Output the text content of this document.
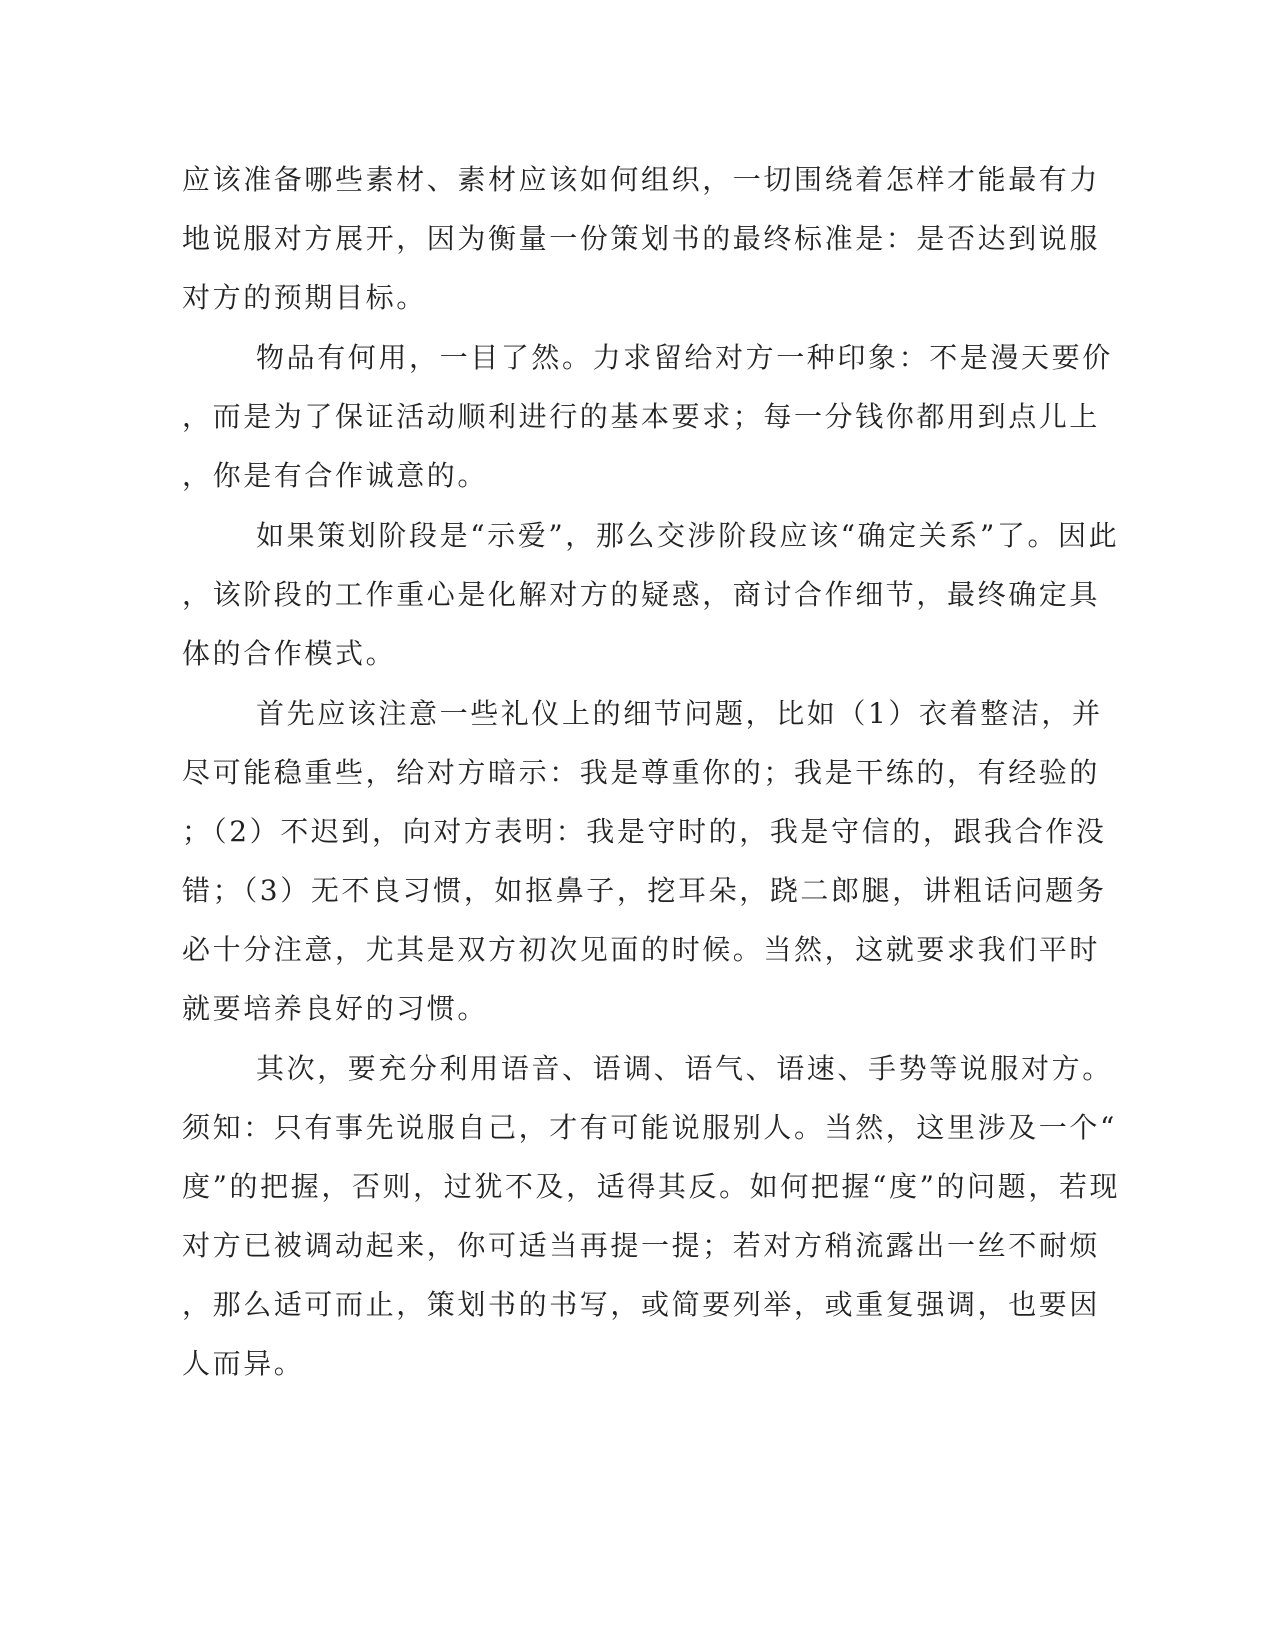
应该准备哪些素材、素材应该如何组织，一切围绕着怎样才能最有力
地说服对方展开，因为衡量一份策划书的最终标准是：是否达到说服
对方的预期目标。
物品有何用，一目了然。力求留给对方一种印象：不是漫天要价
，而是为了保证活动顺利进行的基本要求；每一分钱你都用到点儿上
，你是有合作诚意的。
如果策划阶段是“示爱”，那么交涉阶段应该“确定关系”了。因此
，该阶段的工作重心是化解对方的疑惑，商讨合作细节，最终确定具
体的合作模式。
首先应该注意一些礼仪上的细节问题，比如（1）衣着整洁，并
尽可能稳重些，给对方暗示：我是尊重你的；我是干练的，有经验的
；（2）不迟到，向对方表明：我是守时的，我是守信的，跟我合作没
错；（3）无不良习惯，如抠鼻子，挖耳朵，跷二郎腿，讲粗话问题务
必十分注意，尤其是双方初次见面的时候。当然，这就要求我们平时
就要培养良好的习惯。
其次，要充分利用语音、语调、语气、语速、手势等说服对方。
须知：只有事先说服自己，才有可能说服别人。当然，这里涉及一个“
度”的把握，否则，过犹不及，适得其反。如何把握“度”的问题，若现
对方已被调动起来，你可适当再提一提；若对方稍流露出一丝不耐烦
，那么适可而止，策划书的书写，或简要列举，或重复强调，也要因
人而异。
